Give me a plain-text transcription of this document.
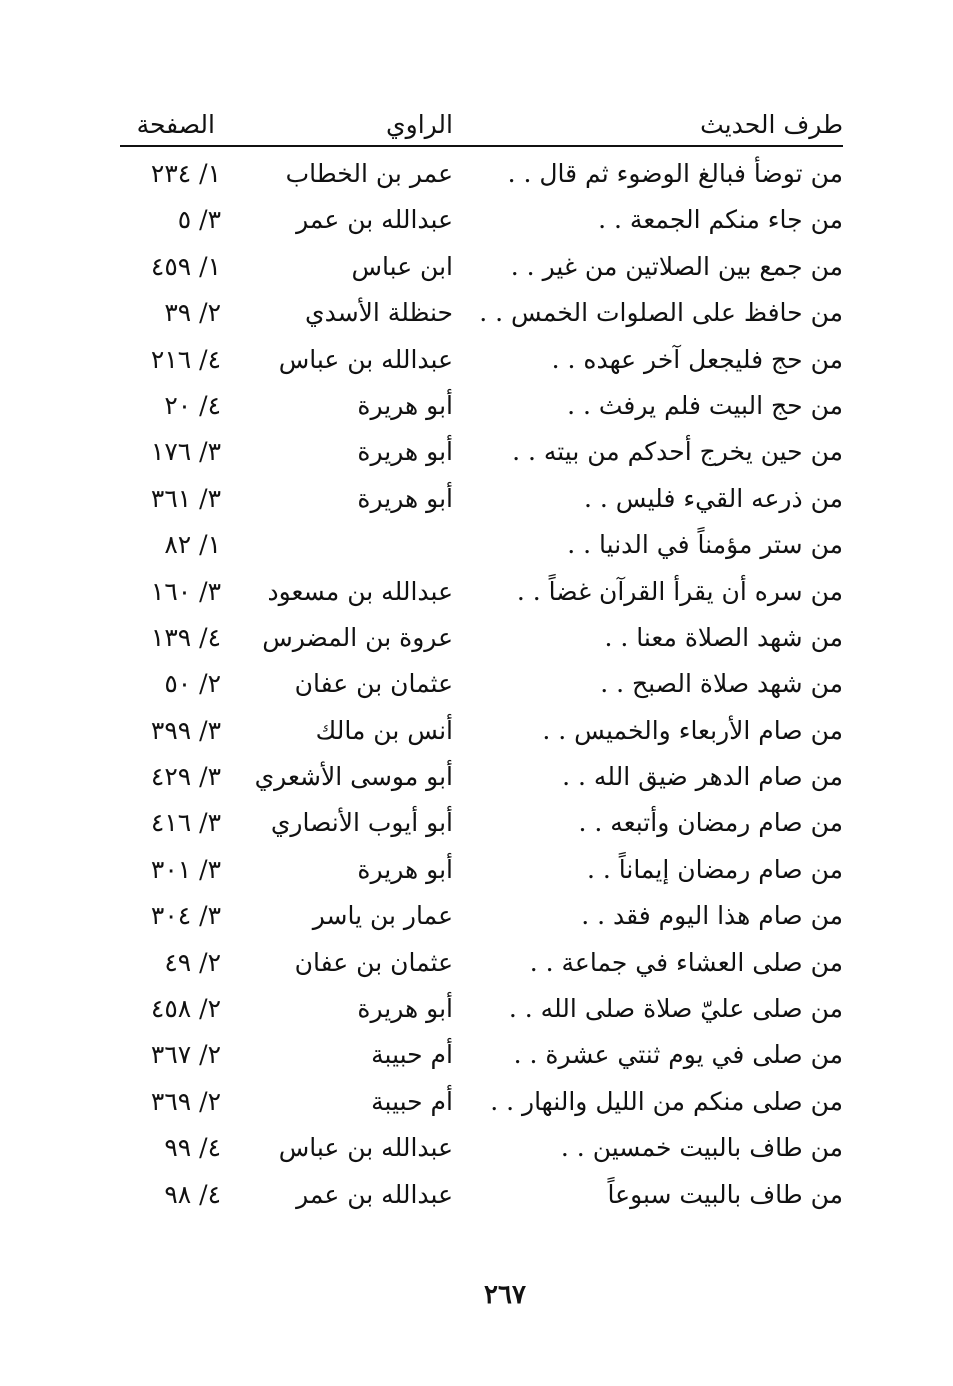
طرف الحديث
الراوي
الصفحة
من توضأ فبالغ الوضوء ثم قال . .
عمر بن الخطاب
١/ ٢٣٤
من جاء منكم الجمعة . .
عبدالله بن عمر
٣/ ٥
من جمع بين الصلاتين من غير . .
ابن عباس
١/ ٤٥٩
من حافظ على الصلوات الخمس . .
حنظلة الأسدي
٢/ ٣٩
من حج فليجعل آخر عهده . .
عبدالله بن عباس
٤/ ٢١٦
من حج البيت فلم يرفث . .
أبو هريرة
٤/ ٢٠
من حين يخرج أحدكم من بيته . .
أبو هريرة
٣/ ١٧٦
من ذرعه القيء فليس . .
أبو هريرة
٣/ ٣٦١
من ستر مؤمناً في الدنيا . .
١/ ٨٢
من سره أن يقرأ القرآن غضاً . .
عبدالله بن مسعود
٣/ ١٦٠
من شهد الصلاة معنا . .
عروة بن المضرس
٤/ ١٣٩
من شهد صلاة الصبح . .
عثمان بن عفان
٢/ ٥٠
من صام الأربعاء والخميس . .
أنس بن مالك
٣/ ٣٩٩
من صام الدهر ضيق الله . .
أبو موسى الأشعري
٣/ ٤٢٩
من صام رمضان وأتبعه . .
أبو أيوب الأنصاري
٣/ ٤١٦
من صام رمضان إيماناً . .
أبو هريرة
٣/ ٣٠١
من صام هذا اليوم فقد . .
عمار بن ياسر
٣/ ٣٠٤
من صلى العشاء في جماعة . .
عثمان بن عفان
٢/ ٤٩
من صلى عليّ صلاة صلى الله . .
أبو هريرة
٢/ ٤٥٨
من صلى في يوم ثنتي عشرة . .
أم حبيبة
٢/ ٣٦٧
من صلى منكم من الليل والنهار . .
أم حبيبة
٢/ ٣٦٩
من طاف بالبيت خمسين . .
عبدالله بن عباس
٤/ ٩٩
من طاف بالبيت سبوعاً
عبدالله بن عمر
٤/ ٩٨
٢٦٧
